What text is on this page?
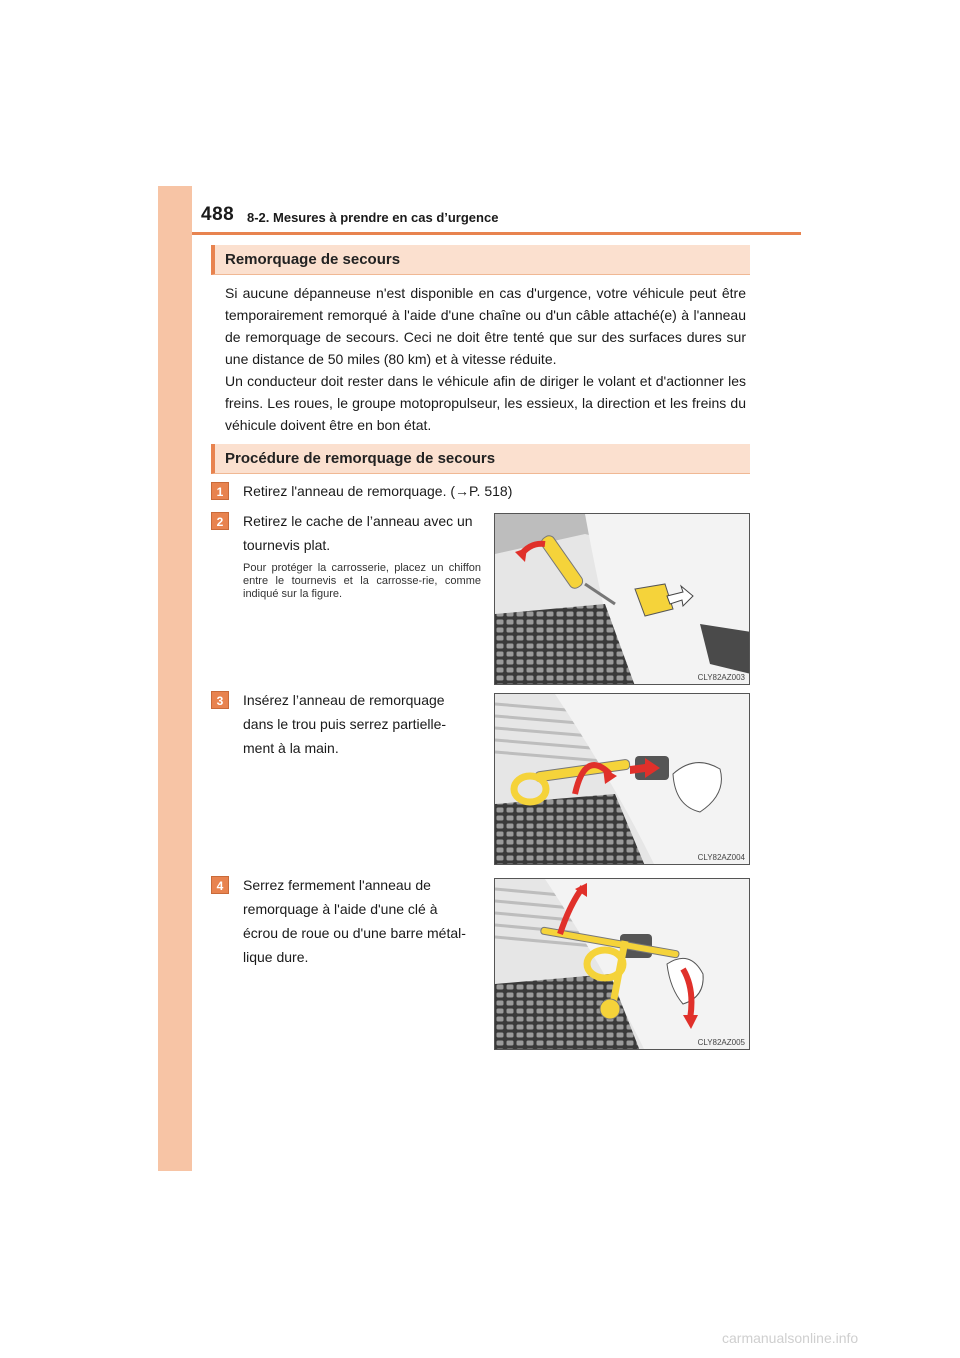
488 8-2. Mesures à prendre en cas d’urgence
Remorquage de secours

Si aucune dépanneuse n'est disponible en cas d'urgence, votre véhicule peut être temporairement remorqué à l'aide d'une chaîne ou d'un câble attaché(e) à l'anneau de remorquage de secours. Ceci ne doit être tenté que sur des surfaces dures sur une distance de 50 miles (80 km) et à vitesse réduite.

Un conducteur doit rester dans le véhicule afin de diriger le volant et d'actionner les freins. Les roues, le groupe motopropulseur, les essieux, la direction et les freins du véhicule doivent être en bon état.

Procédure de remorquage de secours
1	Retirez l'anneau de remorquage. (→P. 518)
2	Retirez le cache de l’anneau avec un
tournevis plat.
Pour protéger la carrosserie, placez un chiffon entre le tournevis et la carrosse-rie, comme indiqué sur la figure.
CLY82AZ003
3	Insérez l’anneau de remorquage
dans le trou puis serrez partielle-
ment à la main.
CLY82AZ004
4	Serrez fermement l'anneau de
remorquage à l'aide d'une clé à
écrou de roue ou d'une barre métal-
lique dure.
CLY82AZ005
carmanualsonline.info
